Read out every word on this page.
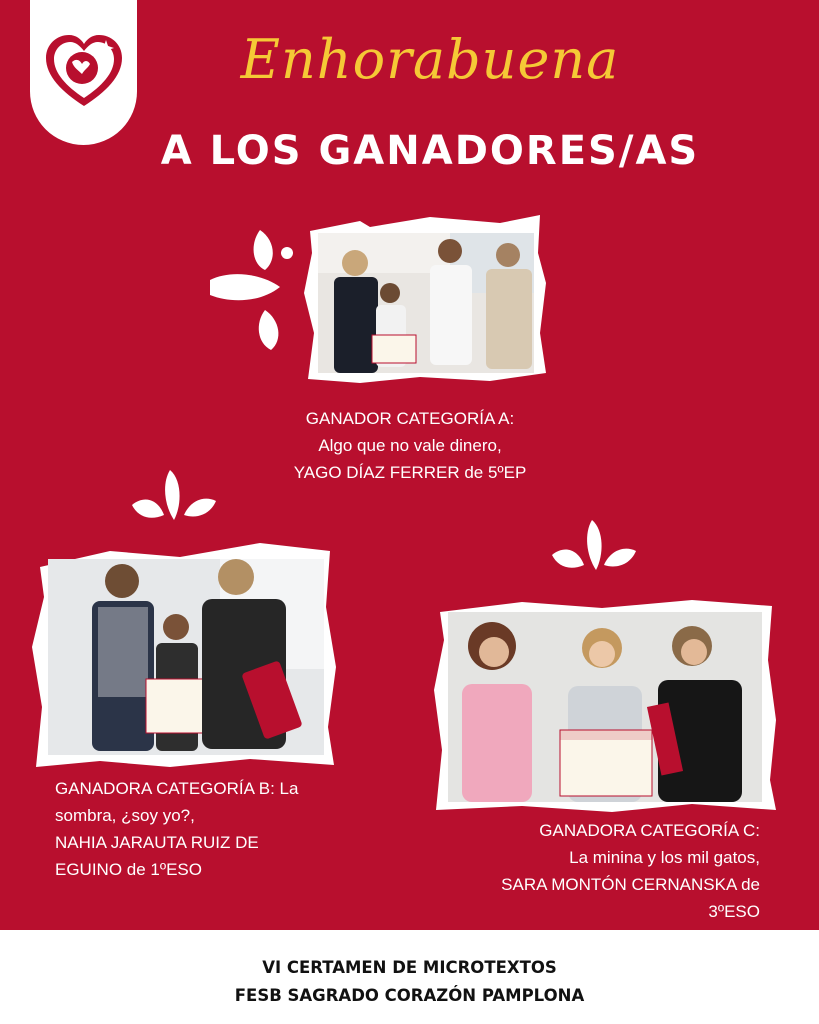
Enhorabuena
A LOS GANADORES/AS
GANADOR CATEGORÍA A:
Algo que no vale dinero,
YAGO DÍAZ FERRER de 5ºEP
GANADORA CATEGORÍA B: La
sombra, ¿soy yo?,
NAHIA JARAUTA RUIZ DE
EGUINO de 1ºESO
GANADORA CATEGORÍA C:
La minina y los mil gatos,
SARA MONTÓN CERNANSKA de
3ºESO
VI CERTAMEN DE MICROTEXTOS
FESB SAGRADO CORAZÓN PAMPLONA
